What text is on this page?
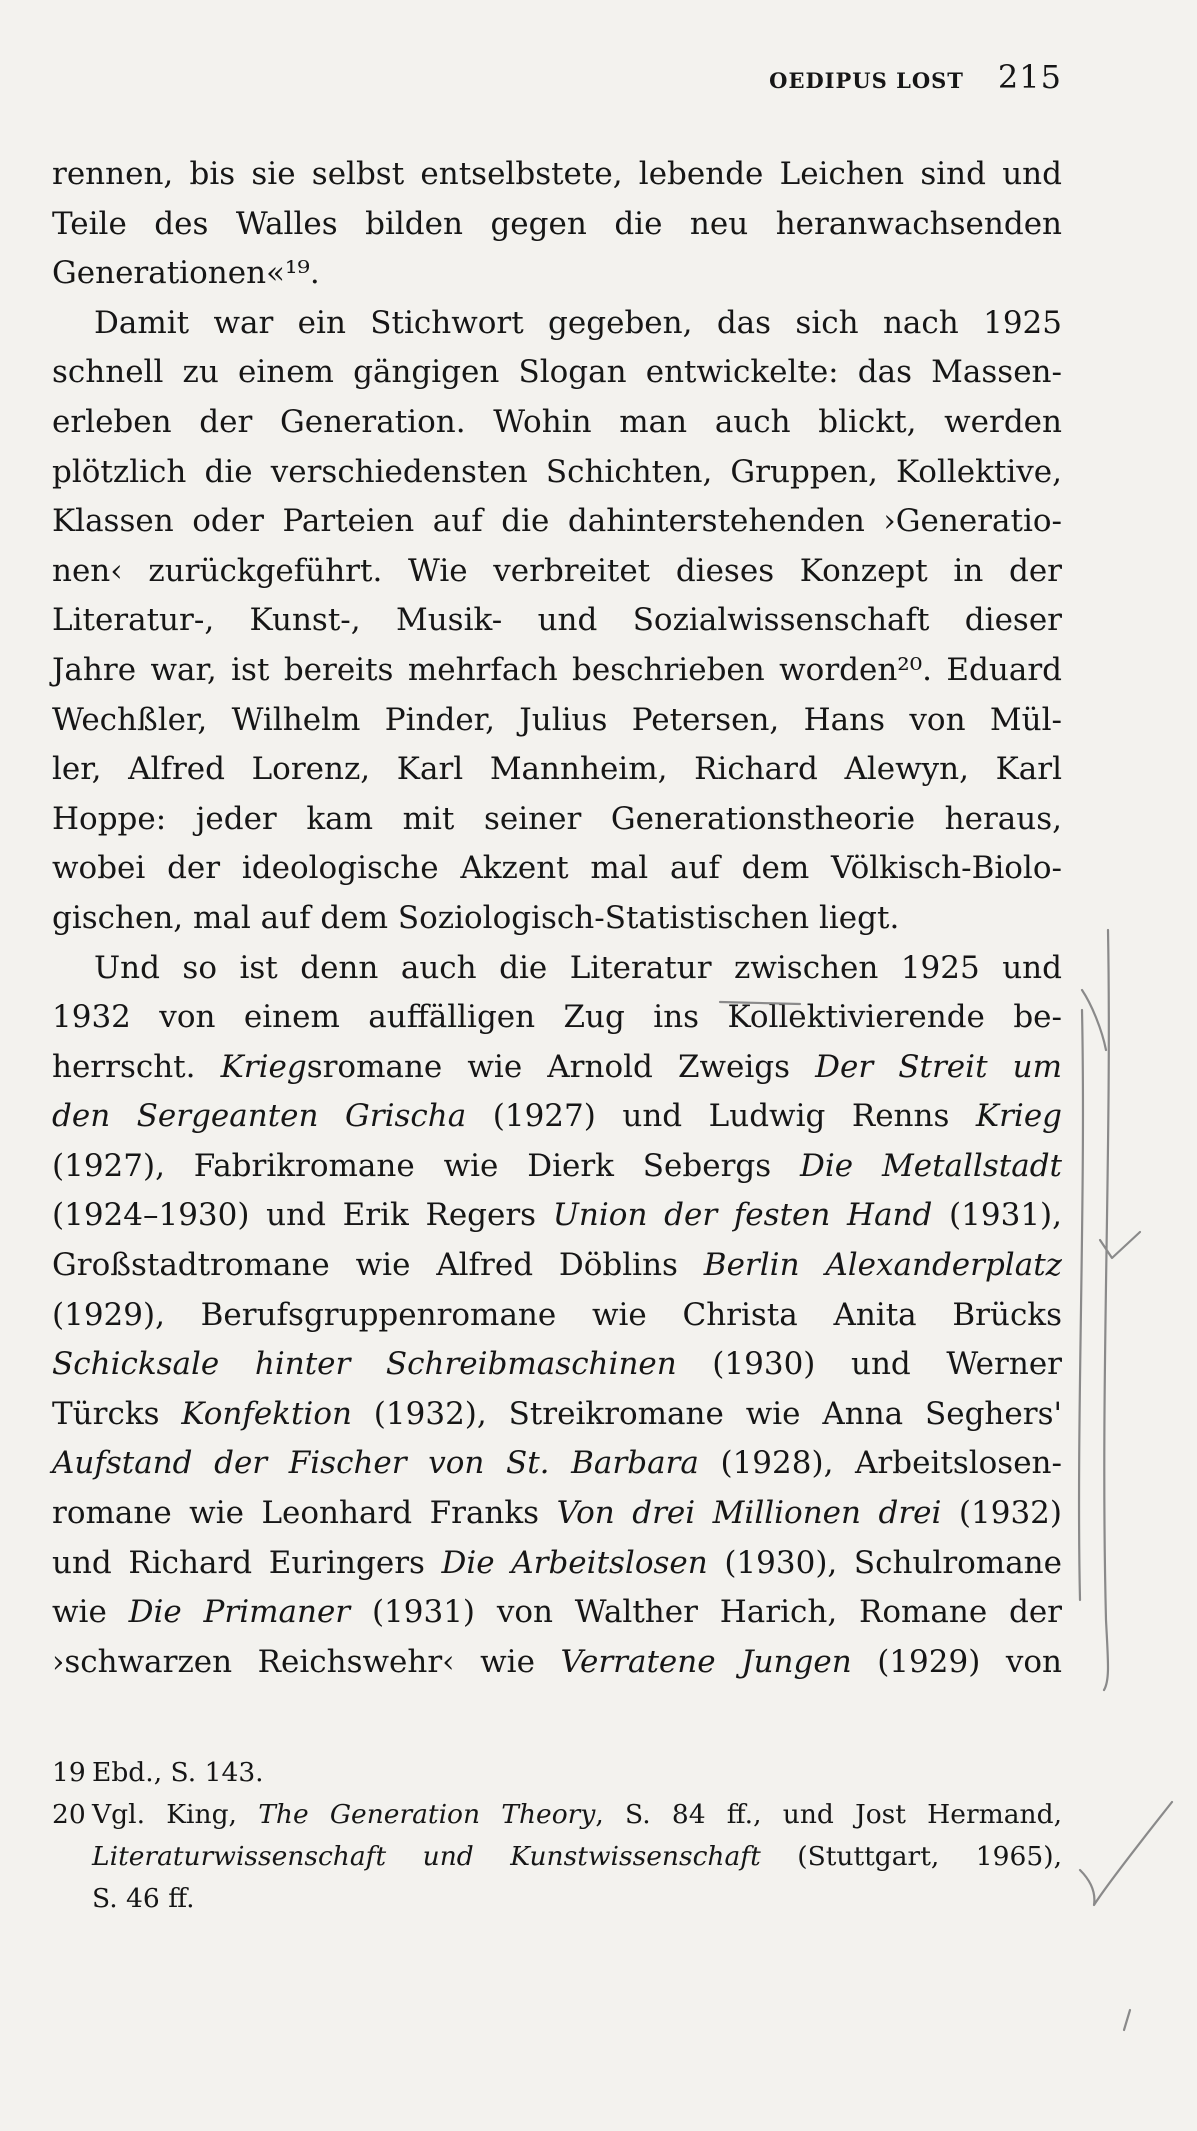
OEDIPUS LOST 215
rennen, bis sie selbst entselbstete, lebende Leichen sind und
Teile des Walles bilden gegen die neu heranwachsenden
Generationen«¹⁹.
Damit war ein Stichwort gegeben, das sich nach 1925
schnell zu einem gängigen Slogan entwickelte: das Massen-
erleben der Generation. Wohin man auch blickt, werden
plötzlich die verschiedensten Schichten, Gruppen, Kollektive,
Klassen oder Parteien auf die dahinterstehenden ›Generatio-
nen‹ zurückgeführt. Wie verbreitet dieses Konzept in der
Literatur-, Kunst-, Musik- und Sozialwissenschaft dieser
Jahre war, ist bereits mehrfach beschrieben worden²⁰. Eduard
Wechßler, Wilhelm Pinder, Julius Petersen, Hans von Mül-
ler, Alfred Lorenz, Karl Mannheim, Richard Alewyn, Karl
Hoppe: jeder kam mit seiner Generationstheorie heraus,
wobei der ideologische Akzent mal auf dem Völkisch-Biolo-
gischen, mal auf dem Soziologisch-Statistischen liegt.
Und so ist denn auch die Literatur zwischen 1925 und
1932 von einem auffälligen Zug ins Kollektivierende be-
herrscht. Kriegsromane wie Arnold Zweigs Der Streit um
den Sergeanten Grischa (1927) und Ludwig Renns Krieg
(1927), Fabrikromane wie Dierk Sebergs Die Metallstadt
(1924–1930) und Erik Regers Union der festen Hand (1931),
Großstadtromane wie Alfred Döblins Berlin Alexanderplatz
(1929), Berufsgruppenromane wie Christa Anita Brücks
Schicksale hinter Schreibmaschinen (1930) und Werner
Türcks Konfektion (1932), Streikromane wie Anna Seghers'
Aufstand der Fischer von St. Barbara (1928), Arbeitslosen-
romane wie Leonhard Franks Von drei Millionen drei (1932)
und Richard Euringers Die Arbeitslosen (1930), Schulromane
wie Die Primaner (1931) von Walther Harich, Romane der
›schwarzen Reichswehr‹ wie Verratene Jungen (1929) von
19 Ebd., S. 143.
20 Vgl. King, The Generation Theory, S. 84 ff., und Jost Hermand,
Literaturwissenschaft und Kunstwissenschaft (Stuttgart, 1965),
S. 46 ff.
